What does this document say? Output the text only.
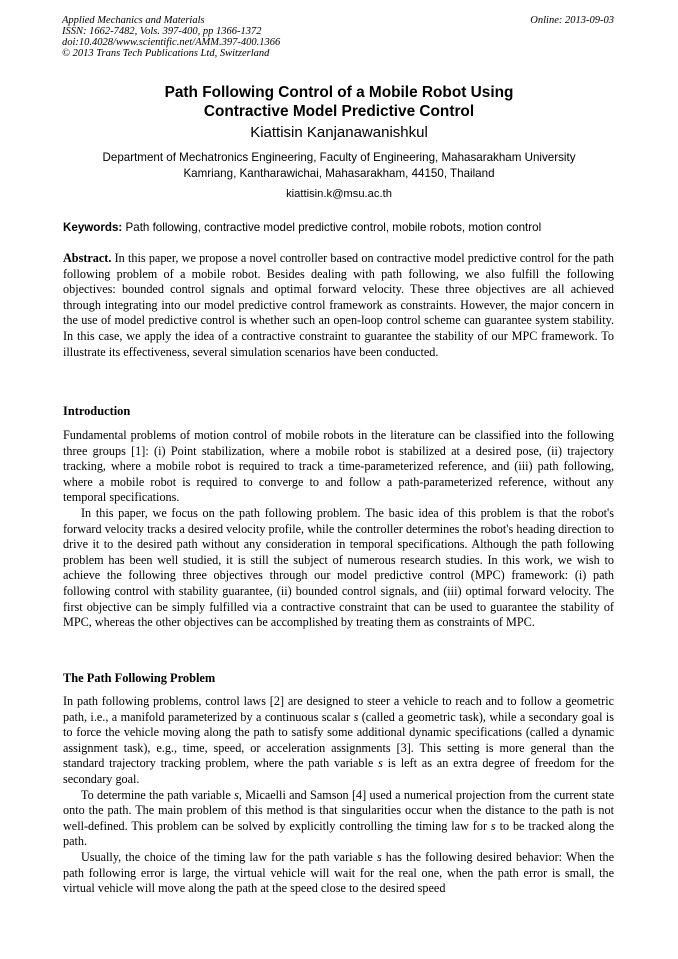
Applied Mechanics and Materials
ISSN: 1662-7482, Vols. 397-400, pp 1366-1372
doi:10.4028/www.scientific.net/AMM.397-400.1366
© 2013 Trans Tech Publications Ltd, Switzerland
Online: 2013-09-03
Path Following Control of a Mobile Robot Using
Contractive Model Predictive Control
Kiattisin Kanjanawanishkul
Department of Mechatronics Engineering, Faculty of Engineering, Mahasarakham University
Kamriang, Kantharawichai, Mahasarakham, 44150, Thailand
kiattisin.k@msu.ac.th
Keywords: Path following, contractive model predictive control, mobile robots, motion control

Abstract. In this paper, we propose a novel controller based on contractive model predictive control for the path following problem of a mobile robot. Besides dealing with path following, we also fulfill the following objectives: bounded control signals and optimal forward velocity. These three objectives are all achieved through integrating into our model predictive control framework as constraints. However, the major concern in the use of model predictive control is whether such an open-loop control scheme can guarantee system stability. In this case, we apply the idea of a contractive constraint to guarantee the stability of our MPC framework. To illustrate its effectiveness, several simulation scenarios have been conducted.

Introduction

Fundamental problems of motion control of mobile robots in the literature can be classified into the following three groups [1]: (i) Point stabilization, where a mobile robot is stabilized at a desired pose, (ii) trajectory tracking, where a mobile robot is required to track a time-parameterized reference, and (iii) path following, where a mobile robot is required to converge to and follow a path-parameterized reference, without any temporal specifications.

In this paper, we focus on the path following problem. The basic idea of this problem is that the robot's forward velocity tracks a desired velocity profile, while the controller determines the robot's heading direction to drive it to the desired path without any consideration in temporal specifications. Although the path following problem has been well studied, it is still the subject of numerous research studies. In this work, we wish to achieve the following three objectives through our model predictive control (MPC) framework: (i) path following control with stability guarantee, (ii) bounded control signals, and (iii) optimal forward velocity. The first objective can be simply fulfilled via a contractive constraint that can be used to guarantee the stability of MPC, whereas the other objectives can be accomplished by treating them as constraints of MPC.

The Path Following Problem

In path following problems, control laws [2] are designed to steer a vehicle to reach and to follow a geometric path, i.e., a manifold parameterized by a continuous scalar s (called a geometric task), while a secondary goal is to force the vehicle moving along the path to satisfy some additional dynamic specifications (called a dynamic assignment task), e.g., time, speed, or acceleration assignments [3]. This setting is more general than the standard trajectory tracking problem, where the path variable s is left as an extra degree of freedom for the secondary goal.

To determine the path variable s, Micaelli and Samson [4] used a numerical projection from the current state onto the path. The main problem of this method is that singularities occur when the distance to the path is not well-defined. This problem can be solved by explicitly controlling the timing law for s to be tracked along the path.

Usually, the choice of the timing law for the path variable s has the following desired behavior: When the path following error is large, the virtual vehicle will wait for the real one, when the path error is small, the virtual vehicle will move along the path at the speed close to the desired speed
